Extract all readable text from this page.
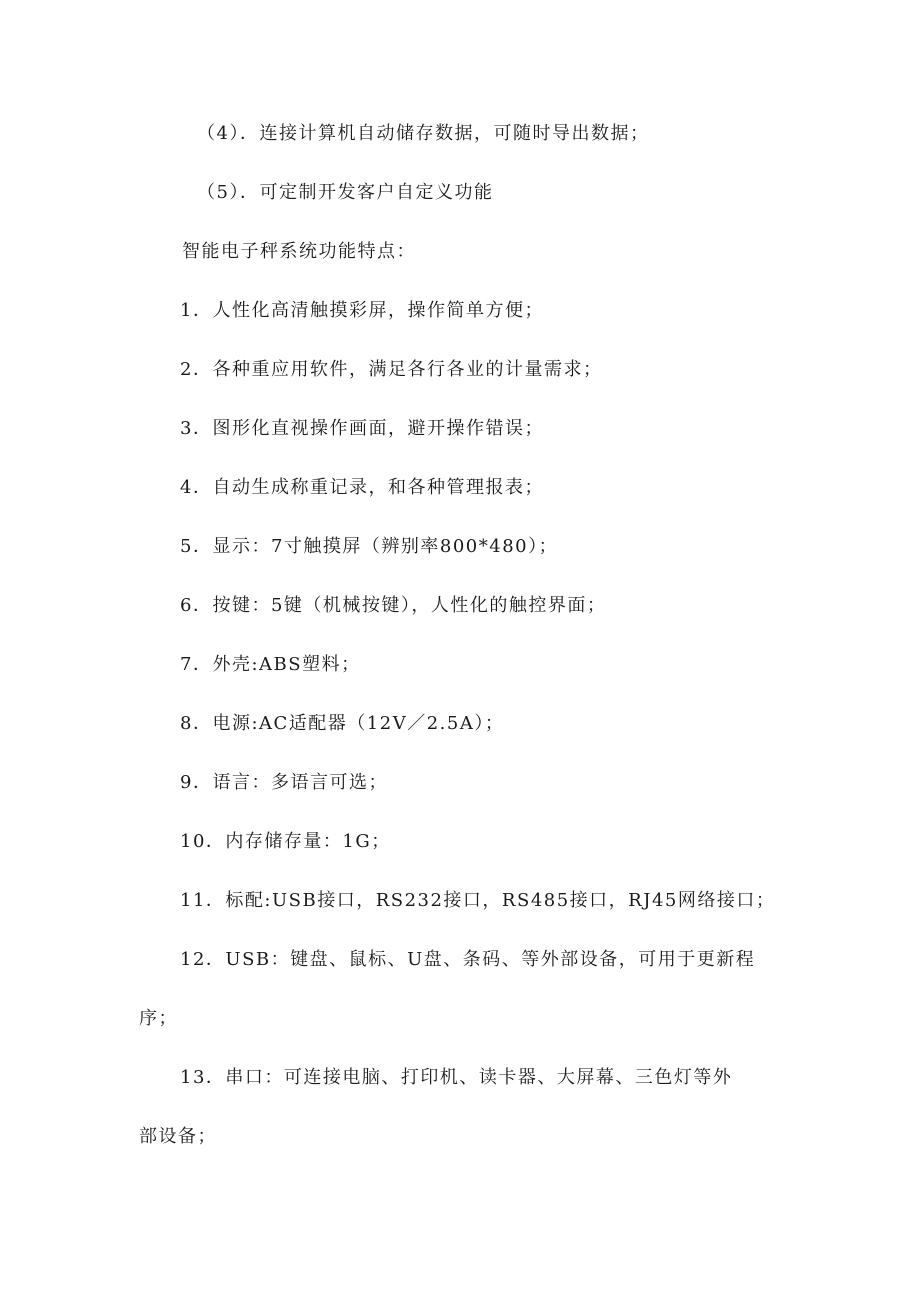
（4）．连接计算机自动储存数据，可随时导出数据；

（5）．可定制开发客户自定义功能

智能电子秤系统功能特点：

1．人性化高清触摸彩屏，操作简单方便；

2．各种重应用软件，满足各行各业的计量需求；

3．图形化直视操作画面，避开操作错误；

4．自动生成称重记录，和各种管理报表；

5．显示：7寸触摸屏（辨别率800*480）；

6．按键：5键（机械按键），人性化的触控界面；

7．外壳:ABS塑料；

8．电源:AC适配器（12V／2.5A）；

9．语言：多语言可选；

10．内存储存量：1G；

11．标配:USB接口，RS232接口，RS485接口，RJ45网络接口；

12．USB：键盘、鼠标、U盘、条码、等外部设备，可用于更新程

序；

13．串口：可连接电脑、打印机、读卡器、大屏幕、三色灯等外

部设备；
